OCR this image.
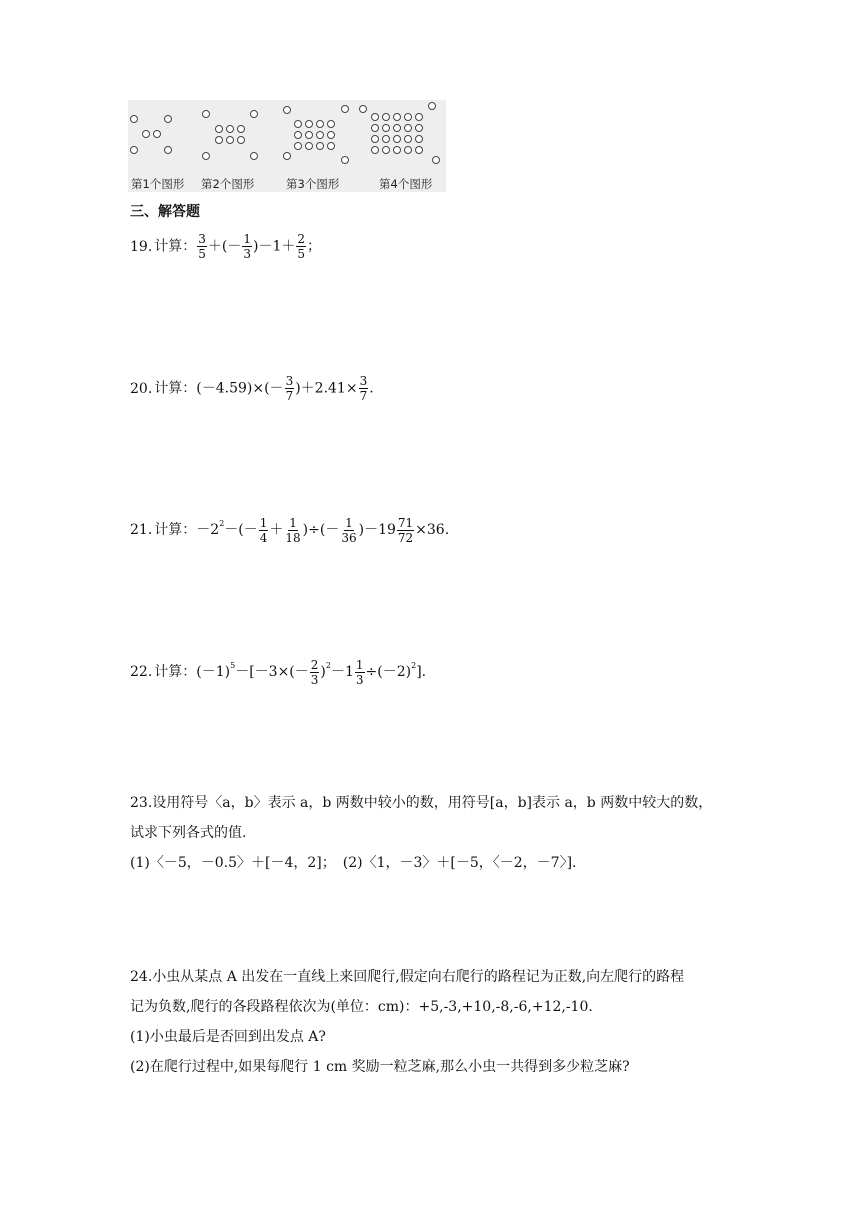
第1个图形 第2个图形	第3个图形	第4个图形
三、解答题
19. 计算： $\frac{3}{5}$ ＋(－ $\frac{1}{3} )-1+ \frac{2}{5}$ ；
20. 计算：$(-4.59)\times(- \frac{3}{7} )+2.41\times \frac{3}{7}$ .
21. 计算：$-2^2-(- \frac{1}{4} + \frac{1}{18}$ )÷(－ $\frac{1}{36} )-19 \frac{71}{72} \times 36$.
22. 计算：$(-1)^5-[-3\times(- \frac{2}{3} )^2-1 \frac{1}{3} \div(-2)^2]$.
23.设用符号〈a，b〉表示 a，b 两数中较小的数，用符号[a，b]表示 a，b 两数中较大的数，
试求下列各式的值.
(1)〈－5，－0.5〉＋[－4，2]；　(2)〈1，－3〉＋[－5，〈－2，－7〉].
24.小虫从某点 A 出发在一直线上来回爬行,假定向右爬行的路程记为正数,向左爬行的路程
记为负数,爬行的各段路程依次为(单位：cm)：+5,-3,+10,-8,-6,+12,-10.
(1)小虫最后是否回到出发点 A?
(2)在爬行过程中,如果每爬行 1 cm 奖励一粒芝麻,那么小虫一共得到多少粒芝麻?
